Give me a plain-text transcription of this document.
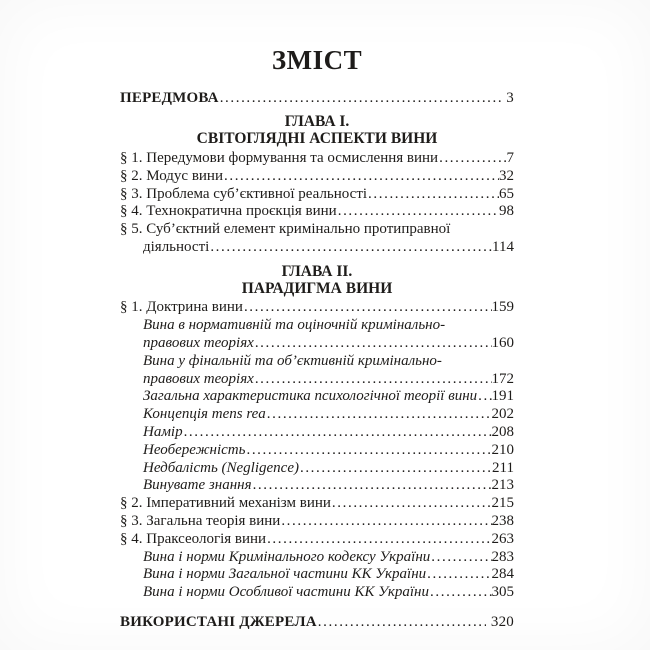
ЗМІСТ
ПЕРЕДМОВА .....	3
ГЛАВА I.
СВІТОГЛЯДНІ АСПЕКТИ ВИНИ
§ 1. Передумови формування та осмислення вини .....	7
§ 2. Модус вини .....	32
§ 3. Проблема суб’єктивної реальності .....	65
§ 4. Технократична проєкція вини .....	98
§ 5. Суб’єктний елемент кримінально протиправної
діяльності .....	114
ГЛАВА II.
ПАРАДИГМА ВИНИ
§ 1. Доктрина вини .....	159
Вина в нормативній та оціночній кримінально-
правових теоріях .....	160
Вина у фінальній та об’єктивній кримінально-
правових теоріях .....	172
Загальна характеристика психологічної теорії вини ..... 191
Концепція mens rea .....	202
Намір .....	208
Необережність .....	210
Недбалість (Negligence) .....	211
Винувате знання .....	213
§ 2. Імперативний механізм вини .....	215
§ 3. Загальна теорія вини .....	238
§ 4. Праксеологія вини .....	263
Вина і норми Кримінального кодексу України .....	283
Вина і норми Загальної частини КК України .....	284
Вина і норми Особливої частини КК України .....	305
ВИКОРИСТАНІ ДЖЕРЕЛА .....	320
